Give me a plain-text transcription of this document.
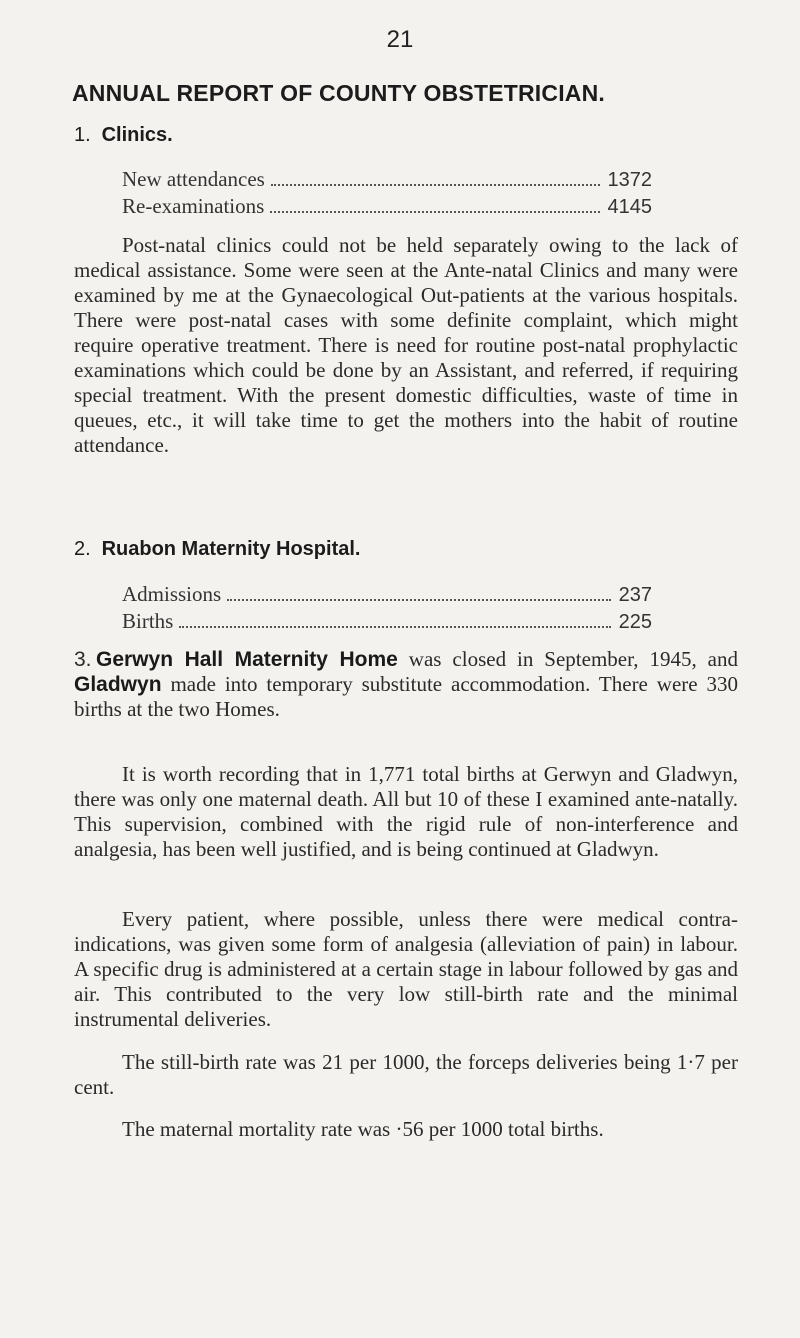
21
ANNUAL REPORT OF COUNTY OBSTETRICIAN.
1. Clinics.
New attendances	1372
Re-examinations	4145

Post-natal clinics could not be held separately owing to the lack of medical assistance. Some were seen at the Ante-natal Clinics and many were examined by me at the Gynaecological Out-patients at the various hospitals. There were post-natal cases with some definite complaint, which might require operative treatment. There is need for routine post-natal prophylactic examinations which could be done by an Assistant, and referred, if requiring special treatment. With the present domestic difficulties, waste of time in queues, etc., it will take time to get the mothers into the habit of routine attendance.

2. Ruabon Maternity Hospital.
Admissions	237
Births	225

3. Gerwyn Hall Maternity Home was closed in September, 1945, and Gladwyn made into temporary substitute accommodation. There were 330 births at the two Homes.

It is worth recording that in 1,771 total births at Gerwyn and Gladwyn, there was only one maternal death. All but 10 of these I examined ante-natally. This supervision, combined with the rigid rule of non-interference and analgesia, has been well justified, and is being continued at Gladwyn.

Every patient, where possible, unless there were medical contra-indications, was given some form of analgesia (alleviation of pain) in labour. A specific drug is administered at a certain stage in labour followed by gas and air. This contributed to the very low still-birth rate and the minimal instrumental deliveries.

The still-birth rate was 21 per 1000, the forceps deliveries being 1·7 per cent.

The maternal mortality rate was ·56 per 1000 total births.
